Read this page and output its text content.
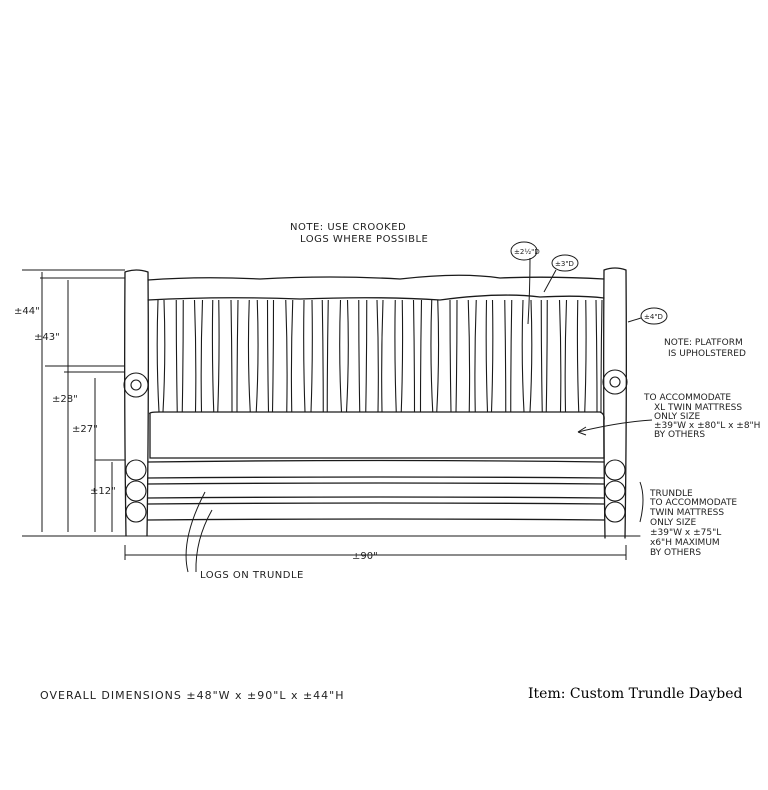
±44"
±43"
±28"
±27"
±12"
±90"
NOTE: USE CROOKED
LOGS WHERE POSSIBLE
±2½"D
±3"D
±4"D
NOTE: PLATFORM
IS UPHOLSTERED
TO ACCOMMODATE
XL TWIN MATTRESS
ONLY SIZE
±39"W x ±80"L x ±8"H
BY OTHERS
TRUNDLE
TO ACCOMMODATE
TWIN MATTRESS
ONLY SIZE
±39"W x ±75"L
x6"H MAXIMUM
BY OTHERS
LOGS ON TRUNDLE
OVERALL DIMENSIONS ±48"W x ±90"L x ±44"H	Item: Custom Trundle Daybed
